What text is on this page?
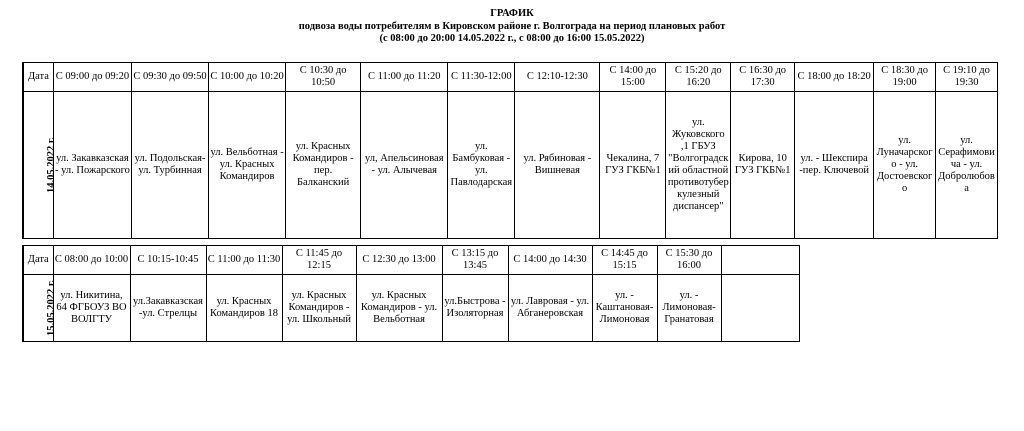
ГРАФИК
подвоза воды потребителям в Кировском районе г. Волгограда на период плановых работ
(с 08:00 до 20:00 14.05.2022 г., с 08:00 до 16:00 15.05.2022)
Дата	С 09:00 до 09:20	С 09:30 до 09:50	С 10:00 до 10:20	С 10:30 до 10:50	С 11:00 до 11:20	С 11:30-12:00	С 12:10-12:30	С 14:00 до 15:00	С 15:20 до 16:20	С 16:30 до 17:30	С 18:00 до 18:20	С 18:30 до 19:00	С 19:10 до 19:30
14.05.2022 г.	ул. Закавказская - ул. Пожарского	ул. Подольская-ул. Турбинная	ул. Вельботная - ул. Красных Командиров	ул. Красных Командиров - пер. Балканский	ул, Апельсиновая - ул. Алычевая	ул. Бамбуковая - ул. Павлодарская	ул. Рябиновая - Вишневая	Чекалина, 7 ГУЗ ГКБ№1	ул. Жуковского ,1 ГБУЗ "Волгоградский областной противотуберкулезный диспансер"	Кирова, 10 ГУЗ ГКБ№1	ул. - Шекспира -пер. Ключевой	ул. Луначарского - ул. Достоевского	ул. Серафимовича - ул. Добролюбова
Дата	С 08:00 до 10:00	С 10:15-10:45	С 11:00 до 11:30	С 11:45 до 12:15	С 12:30 до 13:00	С 13:15 до 13:45	С 14:00 до 14:30	С 14:45 до 15:15	С 15:30 до 16:00	
15.05.2022 г.	ул. Никитина, 64 ФГБОУЗ ВО ВОЛГТУ	ул.Закавказская-ул. Стрелцы	ул. Красных Командиров 18	ул. Красных Командиров - ул. Школьный	ул. Красных Командиров - ул. Вельботная	ул.Быстрова - Изоляторная	ул. Лавровая - ул. Абганеровская	ул. - Каштановая-Лимоновая	ул. - Лимоновая-Гранатовая	
